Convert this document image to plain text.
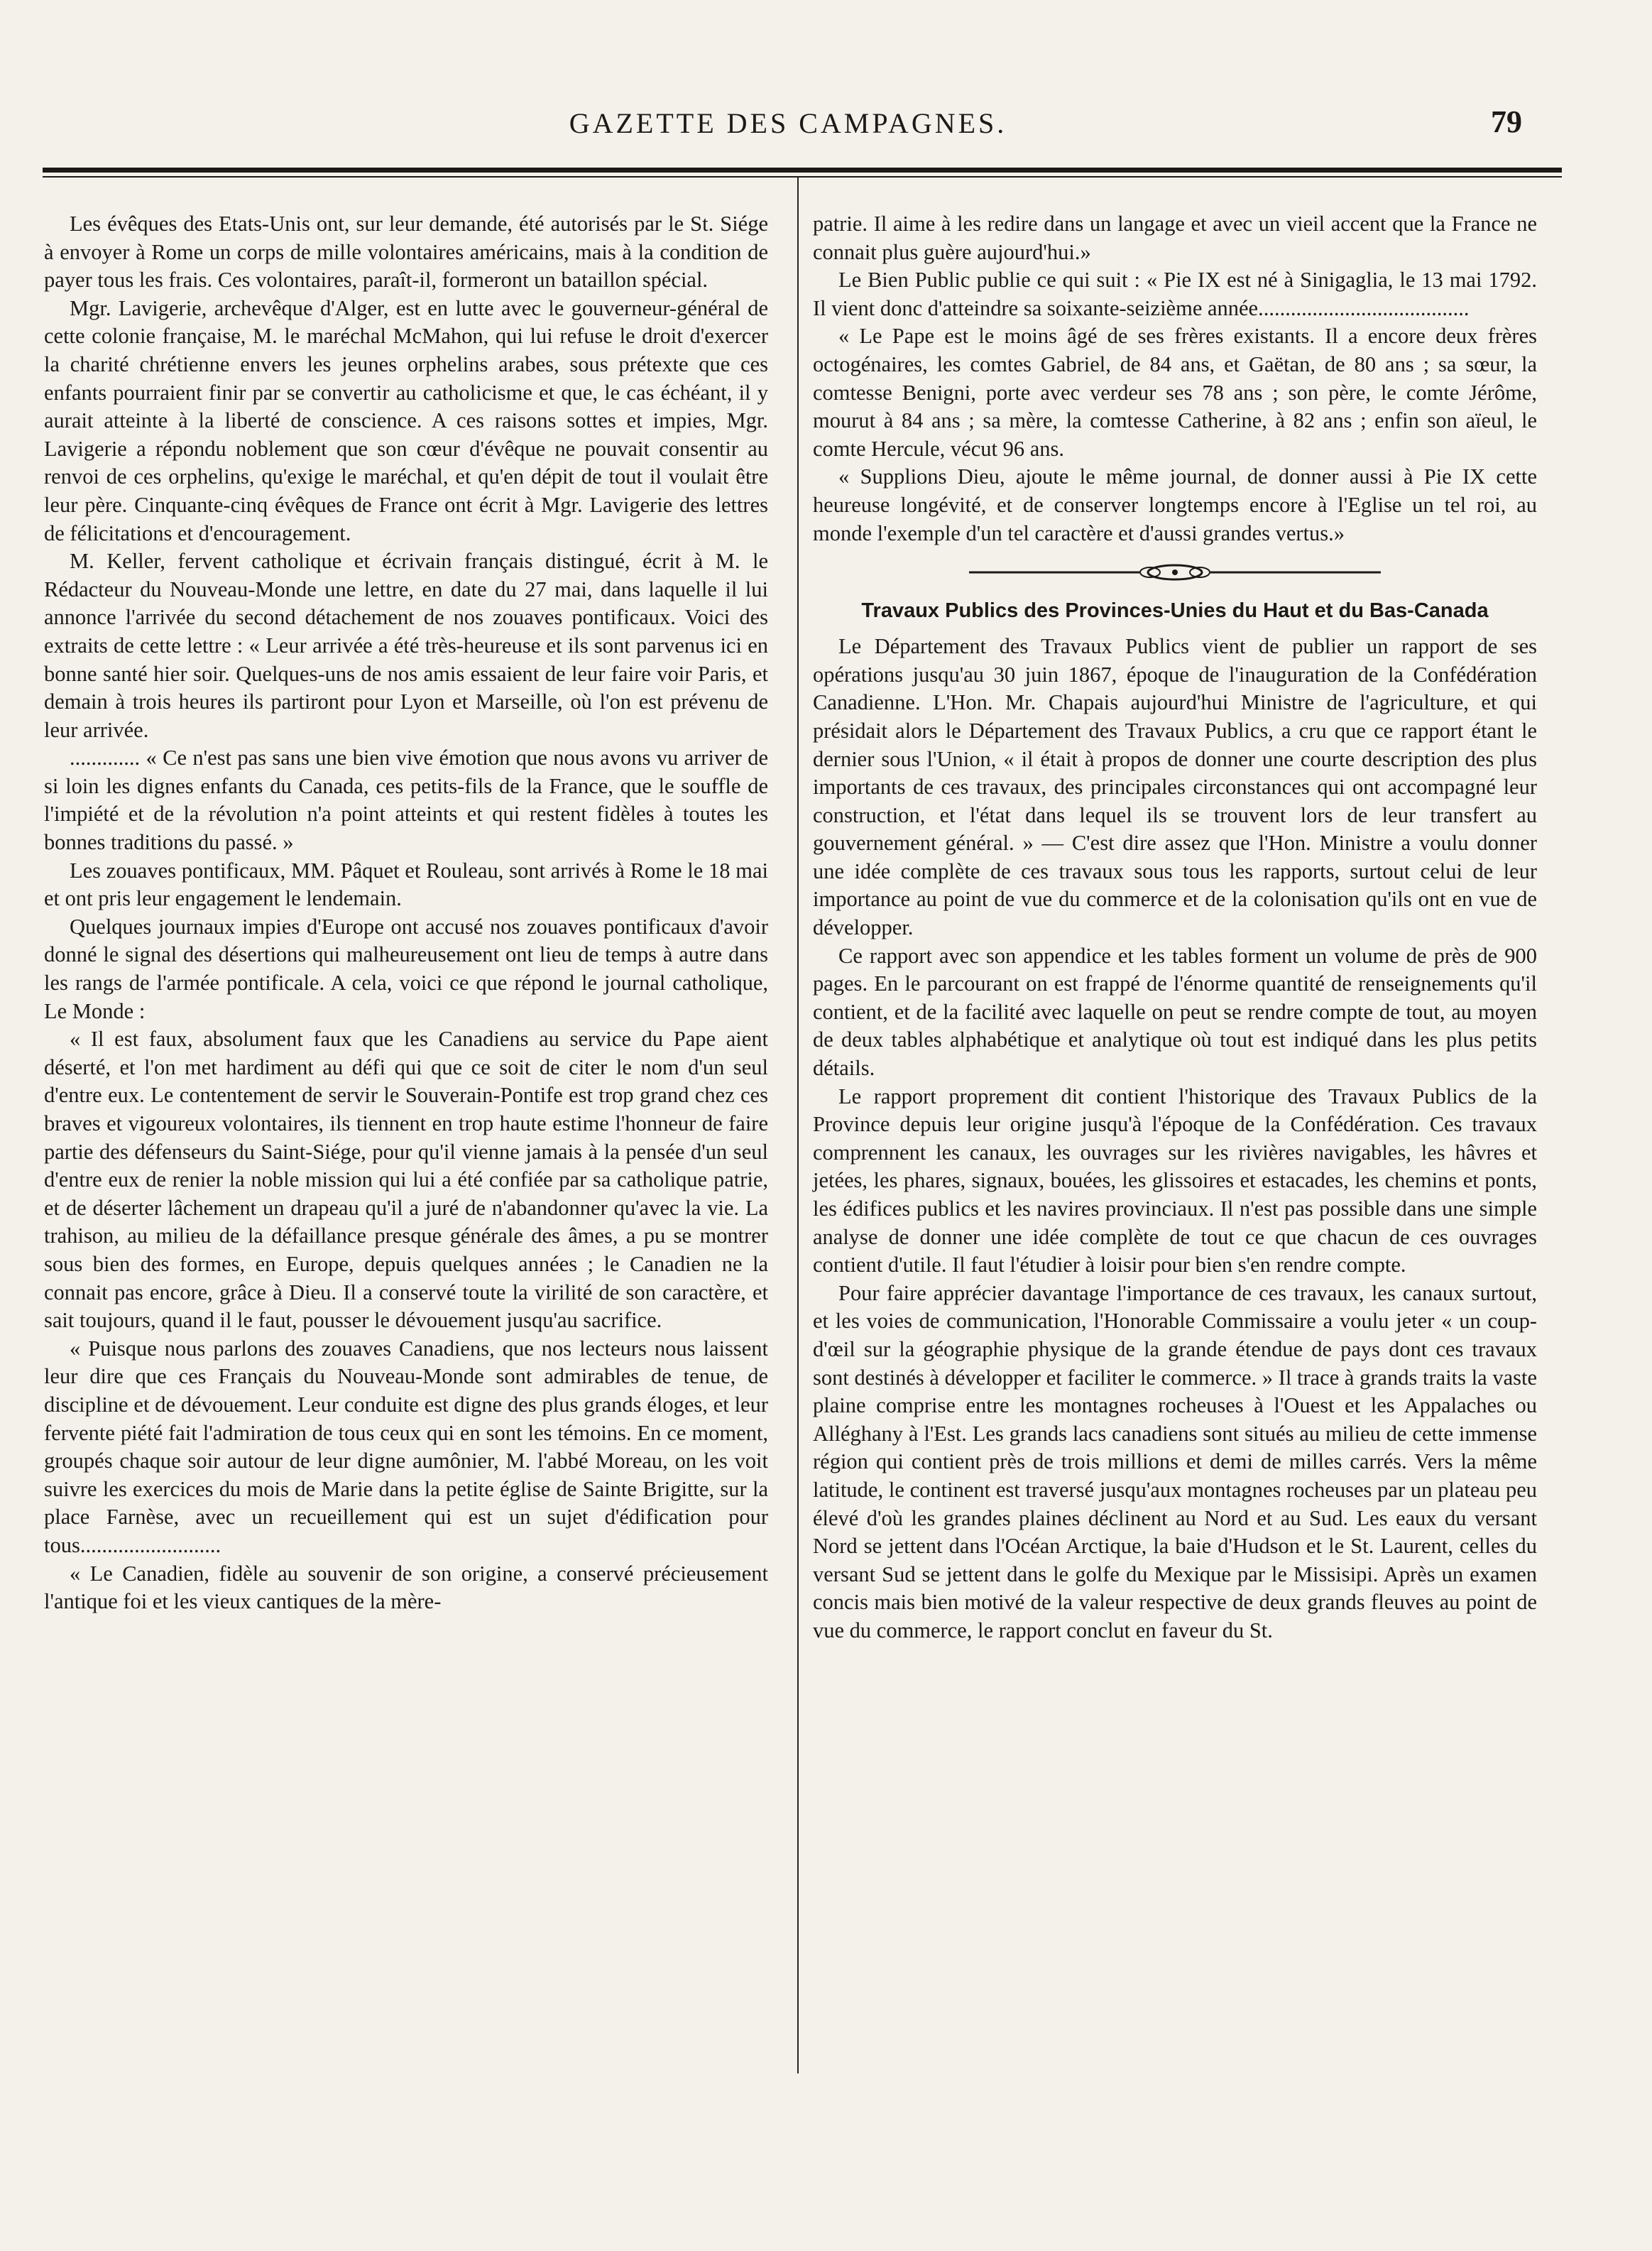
GAZETTE DES CAMPAGNES.	79

Les évêques des Etats-Unis ont, sur leur demande, été autorisés par le St. Siége à envoyer à Rome un corps de mille volontaires américains, mais à la condition de payer tous les frais. Ces volontaires, paraît-il, formeront un bataillon spécial.

Mgr. Lavigerie, archevêque d'Alger, est en lutte avec le gouverneur-général de cette colonie française, M. le maréchal McMahon, qui lui refuse le droit d'exercer la charité chrétienne envers les jeunes orphelins arabes, sous prétexte que ces enfants pourraient finir par se convertir au catholicisme et que, le cas échéant, il y aurait atteinte à la liberté de conscience. A ces raisons sottes et impies, Mgr. Lavigerie a répondu noblement que son cœur d'évêque ne pouvait consentir au renvoi de ces orphelins, qu'exige le maréchal, et qu'en dépit de tout il voulait être leur père. Cinquante-cinq évêques de France ont écrit à Mgr. Lavigerie des lettres de félicitations et d'encouragement.

M. Keller, fervent catholique et écrivain français distingué, écrit à M. le Rédacteur du Nouveau-Monde une lettre, en date du 27 mai, dans laquelle il lui annonce l'arrivée du second détachement de nos zouaves pontificaux. Voici des extraits de cette lettre : « Leur arrivée a été très-heureuse et ils sont parvenus ici en bonne santé hier soir. Quelques-uns de nos amis essaient de leur faire voir Paris, et demain à trois heures ils partiront pour Lyon et Marseille, où l'on est prévenu de leur arrivée.

............. « Ce n'est pas sans une bien vive émotion que nous avons vu arriver de si loin les dignes enfants du Canada, ces petits-fils de la France, que le souffle de l'impiété et de la révolution n'a point atteints et qui restent fidèles à toutes les bonnes traditions du passé. »

Les zouaves pontificaux, MM. Pâquet et Rouleau, sont arrivés à Rome le 18 mai et ont pris leur engagement le lendemain.

Quelques journaux impies d'Europe ont accusé nos zouaves pontificaux d'avoir donné le signal des désertions qui malheureusement ont lieu de temps à autre dans les rangs de l'armée pontificale. A cela, voici ce que répond le journal catholique, Le Monde :

« Il est faux, absolument faux que les Canadiens au service du Pape aient déserté, et l'on met hardiment au défi qui que ce soit de citer le nom d'un seul d'entre eux. Le contentement de servir le Souverain-Pontife est trop grand chez ces braves et vigoureux volontaires, ils tiennent en trop haute estime l'honneur de faire partie des défenseurs du Saint-Siége, pour qu'il vienne jamais à la pensée d'un seul d'entre eux de renier la noble mission qui lui a été confiée par sa catholique patrie, et de déserter lâchement un drapeau qu'il a juré de n'abandonner qu'avec la vie. La trahison, au milieu de la défaillance presque générale des âmes, a pu se montrer sous bien des formes, en Europe, depuis quelques années ; le Canadien ne la connait pas encore, grâce à Dieu. Il a conservé toute la virilité de son caractère, et sait toujours, quand il le faut, pousser le dévouement jusqu'au sacrifice.

« Puisque nous parlons des zouaves Canadiens, que nos lecteurs nous laissent leur dire que ces Français du Nouveau-Monde sont admirables de tenue, de discipline et de dévouement. Leur conduite est digne des plus grands éloges, et leur fervente piété fait l'admiration de tous ceux qui en sont les témoins. En ce moment, groupés chaque soir autour de leur digne aumônier, M. l'abbé Moreau, on les voit suivre les exercices du mois de Marie dans la petite église de Sainte Brigitte, sur la place Farnèse, avec un recueillement qui est un sujet d'édification pour tous..........................

« Le Canadien, fidèle au souvenir de son origine, a conservé précieusement l'antique foi et les vieux cantiques de la mère-

patrie. Il aime à les redire dans un langage et avec un vieil accent que la France ne connait plus guère aujourd'hui.»

Le Bien Public publie ce qui suit : « Pie IX est né à Sinigaglia, le 13 mai 1792. Il vient donc d'atteindre sa soixante-seizième année.......................................

« Le Pape est le moins âgé de ses frères existants. Il a encore deux frères octogénaires, les comtes Gabriel, de 84 ans, et Gaëtan, de 80 ans ; sa sœur, la comtesse Benigni, porte avec verdeur ses 78 ans ; son père, le comte Jérôme, mourut à 84 ans ; sa mère, la comtesse Catherine, à 82 ans ; enfin son aïeul, le comte Hercule, vécut 96 ans.

« Supplions Dieu, ajoute le même journal, de donner aussi à Pie IX cette heureuse longévité, et de conserver longtemps encore à l'Eglise un tel roi, au monde l'exemple d'un tel caractère et d'aussi grandes vertus.»

Travaux Publics des Provinces-Unies du Haut et du Bas-Canada

Le Département des Travaux Publics vient de publier un rapport de ses opérations jusqu'au 30 juin 1867, époque de l'inauguration de la Confédération Canadienne. L'Hon. Mr. Chapais aujourd'hui Ministre de l'agriculture, et qui présidait alors le Département des Travaux Publics, a cru que ce rapport étant le dernier sous l'Union, « il était à propos de donner une courte description des plus importants de ces travaux, des principales circonstances qui ont accompagné leur construction, et l'état dans lequel ils se trouvent lors de leur transfert au gouvernement général. » — C'est dire assez que l'Hon. Ministre a voulu donner une idée complète de ces travaux sous tous les rapports, surtout celui de leur importance au point de vue du commerce et de la colonisation qu'ils ont en vue de développer.

Ce rapport avec son appendice et les tables forment un volume de près de 900 pages. En le parcourant on est frappé de l'énorme quantité de renseignements qu'il contient, et de la facilité avec laquelle on peut se rendre compte de tout, au moyen de deux tables alphabétique et analytique où tout est indiqué dans les plus petits détails.

Le rapport proprement dit contient l'historique des Travaux Publics de la Province depuis leur origine jusqu'à l'époque de la Confédération. Ces travaux comprennent les canaux, les ouvrages sur les rivières navigables, les hâvres et jetées, les phares, signaux, bouées, les glissoires et estacades, les chemins et ponts, les édifices publics et les navires provinciaux. Il n'est pas possible dans une simple analyse de donner une idée complète de tout ce que chacun de ces ouvrages contient d'utile. Il faut l'étudier à loisir pour bien s'en rendre compte.

Pour faire apprécier davantage l'importance de ces travaux, les canaux surtout, et les voies de communication, l'Honorable Commissaire a voulu jeter « un coup-d'œil sur la géographie physique de la grande étendue de pays dont ces travaux sont destinés à développer et faciliter le commerce. » Il trace à grands traits la vaste plaine comprise entre les montagnes rocheuses à l'Ouest et les Appalaches ou Alléghany à l'Est. Les grands lacs canadiens sont situés au milieu de cette immense région qui contient près de trois millions et demi de milles carrés. Vers la même latitude, le continent est traversé jusqu'aux montagnes rocheuses par un plateau peu élevé d'où les grandes plaines déclinent au Nord et au Sud. Les eaux du versant Nord se jettent dans l'Océan Arctique, la baie d'Hudson et le St. Laurent, celles du versant Sud se jettent dans le golfe du Mexique par le Missisipi. Après un examen concis mais bien motivé de la valeur respective de deux grands fleuves au point de vue du commerce, le rapport conclut en faveur du St.
